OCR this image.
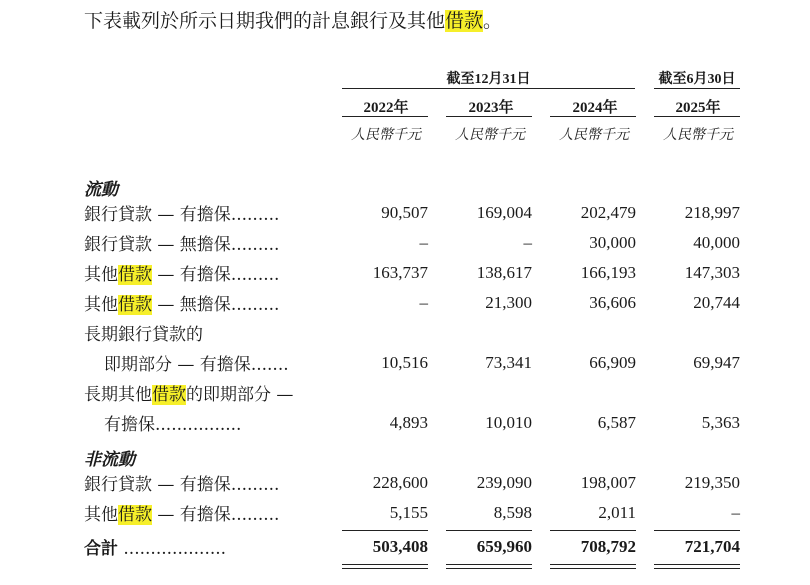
下表載列於所示日期我們的計息銀行及其他借款。
截至12月31日	截至6月30日
2022年	2023年	2024年	2025年
人民幣千元	人民幣千元	人民幣千元	人民幣千元
流動
銀行貸款 — 有擔保.........	90,507	169,004	202,479	218,997
銀行貸款 — 無擔保.........	–	–	30,000	40,000
其他借款 — 有擔保.........	163,737	138,617	166,193	147,303
其他借款 — 無擔保.........	–	21,300	36,606	20,744
長期銀行貸款的
即期部分 — 有擔保.......	10,516	73,341	66,909	69,947
長期其他借款的即期部分 —
有擔保................	4,893	10,010	6,587	5,363
非流動
銀行貸款 — 有擔保.........	228,600	239,090	198,007	219,350
其他借款 — 有擔保.........	5,155	8,598	2,011	–
合計 ...................	503,408	659,960	708,792	721,704
